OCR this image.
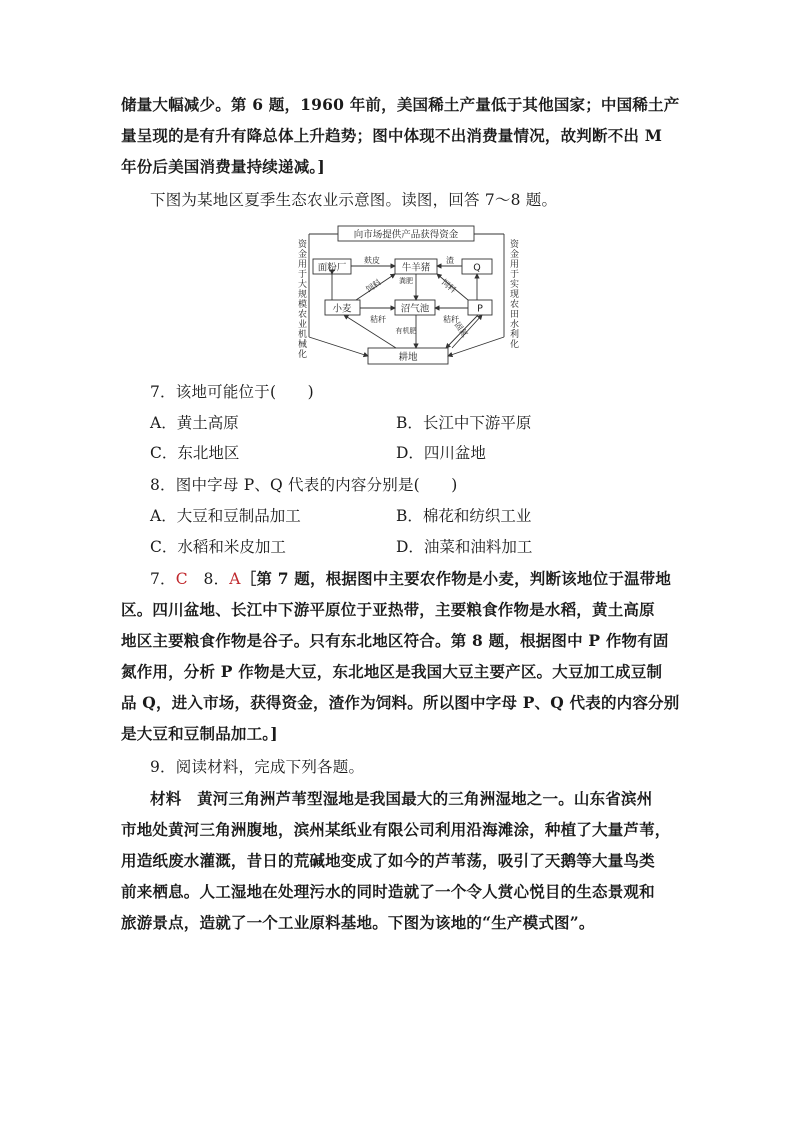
储量大幅减少。第 6 题，1960 年前，美国稀土产量低于其他国家；中国稀土产
量呈现的是有升有降总体上升趋势；图中体现不出消费量情况，故判断不出 M
年份后美国消费量持续递减。]
下图为某地区夏季生态农业示意图。读图，回答 7～8 题。
向市场提供产品获得资金
面粉厂	牛羊猪	Q
小麦	沼气池	P
耕地
麸皮	渣
饲料 粪肥	饲料
秸秆	秸秆
有机肥	固氮
资金用于大规模农业机械化	资金用于实现农田水利化
7．该地可能位于(　　)
A．黄土高原	B．长江中下游平原
C．东北地区	D．四川盆地
8．图中字母 P、Q 代表的内容分别是(　　)
A．大豆和豆制品加工	B．棉花和纺织工业
C．水稻和米皮加工	D．油菜和油料加工
7．C　 8．A［第 7 题，根据图中主要农作物是小麦，判断该地位于温带地
区。四川盆地、长江中下游平原位于亚热带，主要粮食作物是水稻，黄土高原
地区主要粮食作物是谷子。只有东北地区符合。第 8 题，根据图中 P 作物有固
氮作用，分析 P 作物是大豆，东北地区是我国大豆主要产区。大豆加工成豆制
品 Q，进入市场，获得资金，渣作为饲料。所以图中字母 P、Q 代表的内容分别
是大豆和豆制品加工。]
9．阅读材料，完成下列各题。
材料　黄河三角洲芦苇型湿地是我国最大的三角洲湿地之一。山东省滨州
市地处黄河三角洲腹地，滨州某纸业有限公司利用沿海滩涂，种植了大量芦苇，
用造纸废水灌溉，昔日的荒碱地变成了如今的芦苇荡，吸引了天鹅等大量鸟类
前来栖息。人工湿地在处理污水的同时造就了一个令人赏心悦目的生态景观和
旅游景点，造就了一个工业原料基地。下图为该地的“生产模式图”。
